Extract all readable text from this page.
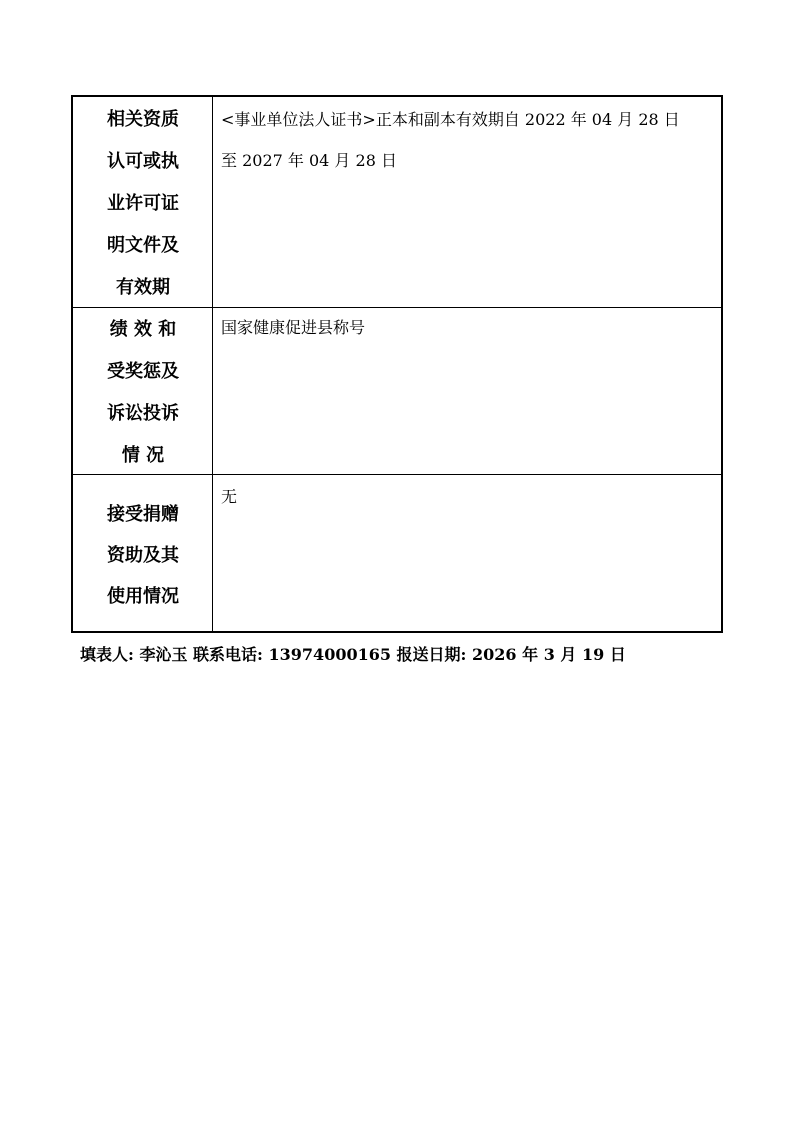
相关资质
认可或执
业许可证
明文件及
有效期
<事业单位法人证书>正本和副本有效期自 2022 年 04 月 28 日
至 2027 年 04 月 28 日
绩 效 和
受奖惩及
诉讼投诉
情 况
国家健康促进县称号
接受捐赠
资助及其
使用情况
无
填表人: 李沁玉 联系电话: 13974000165 报送日期: 2026 年 3 月 19 日
